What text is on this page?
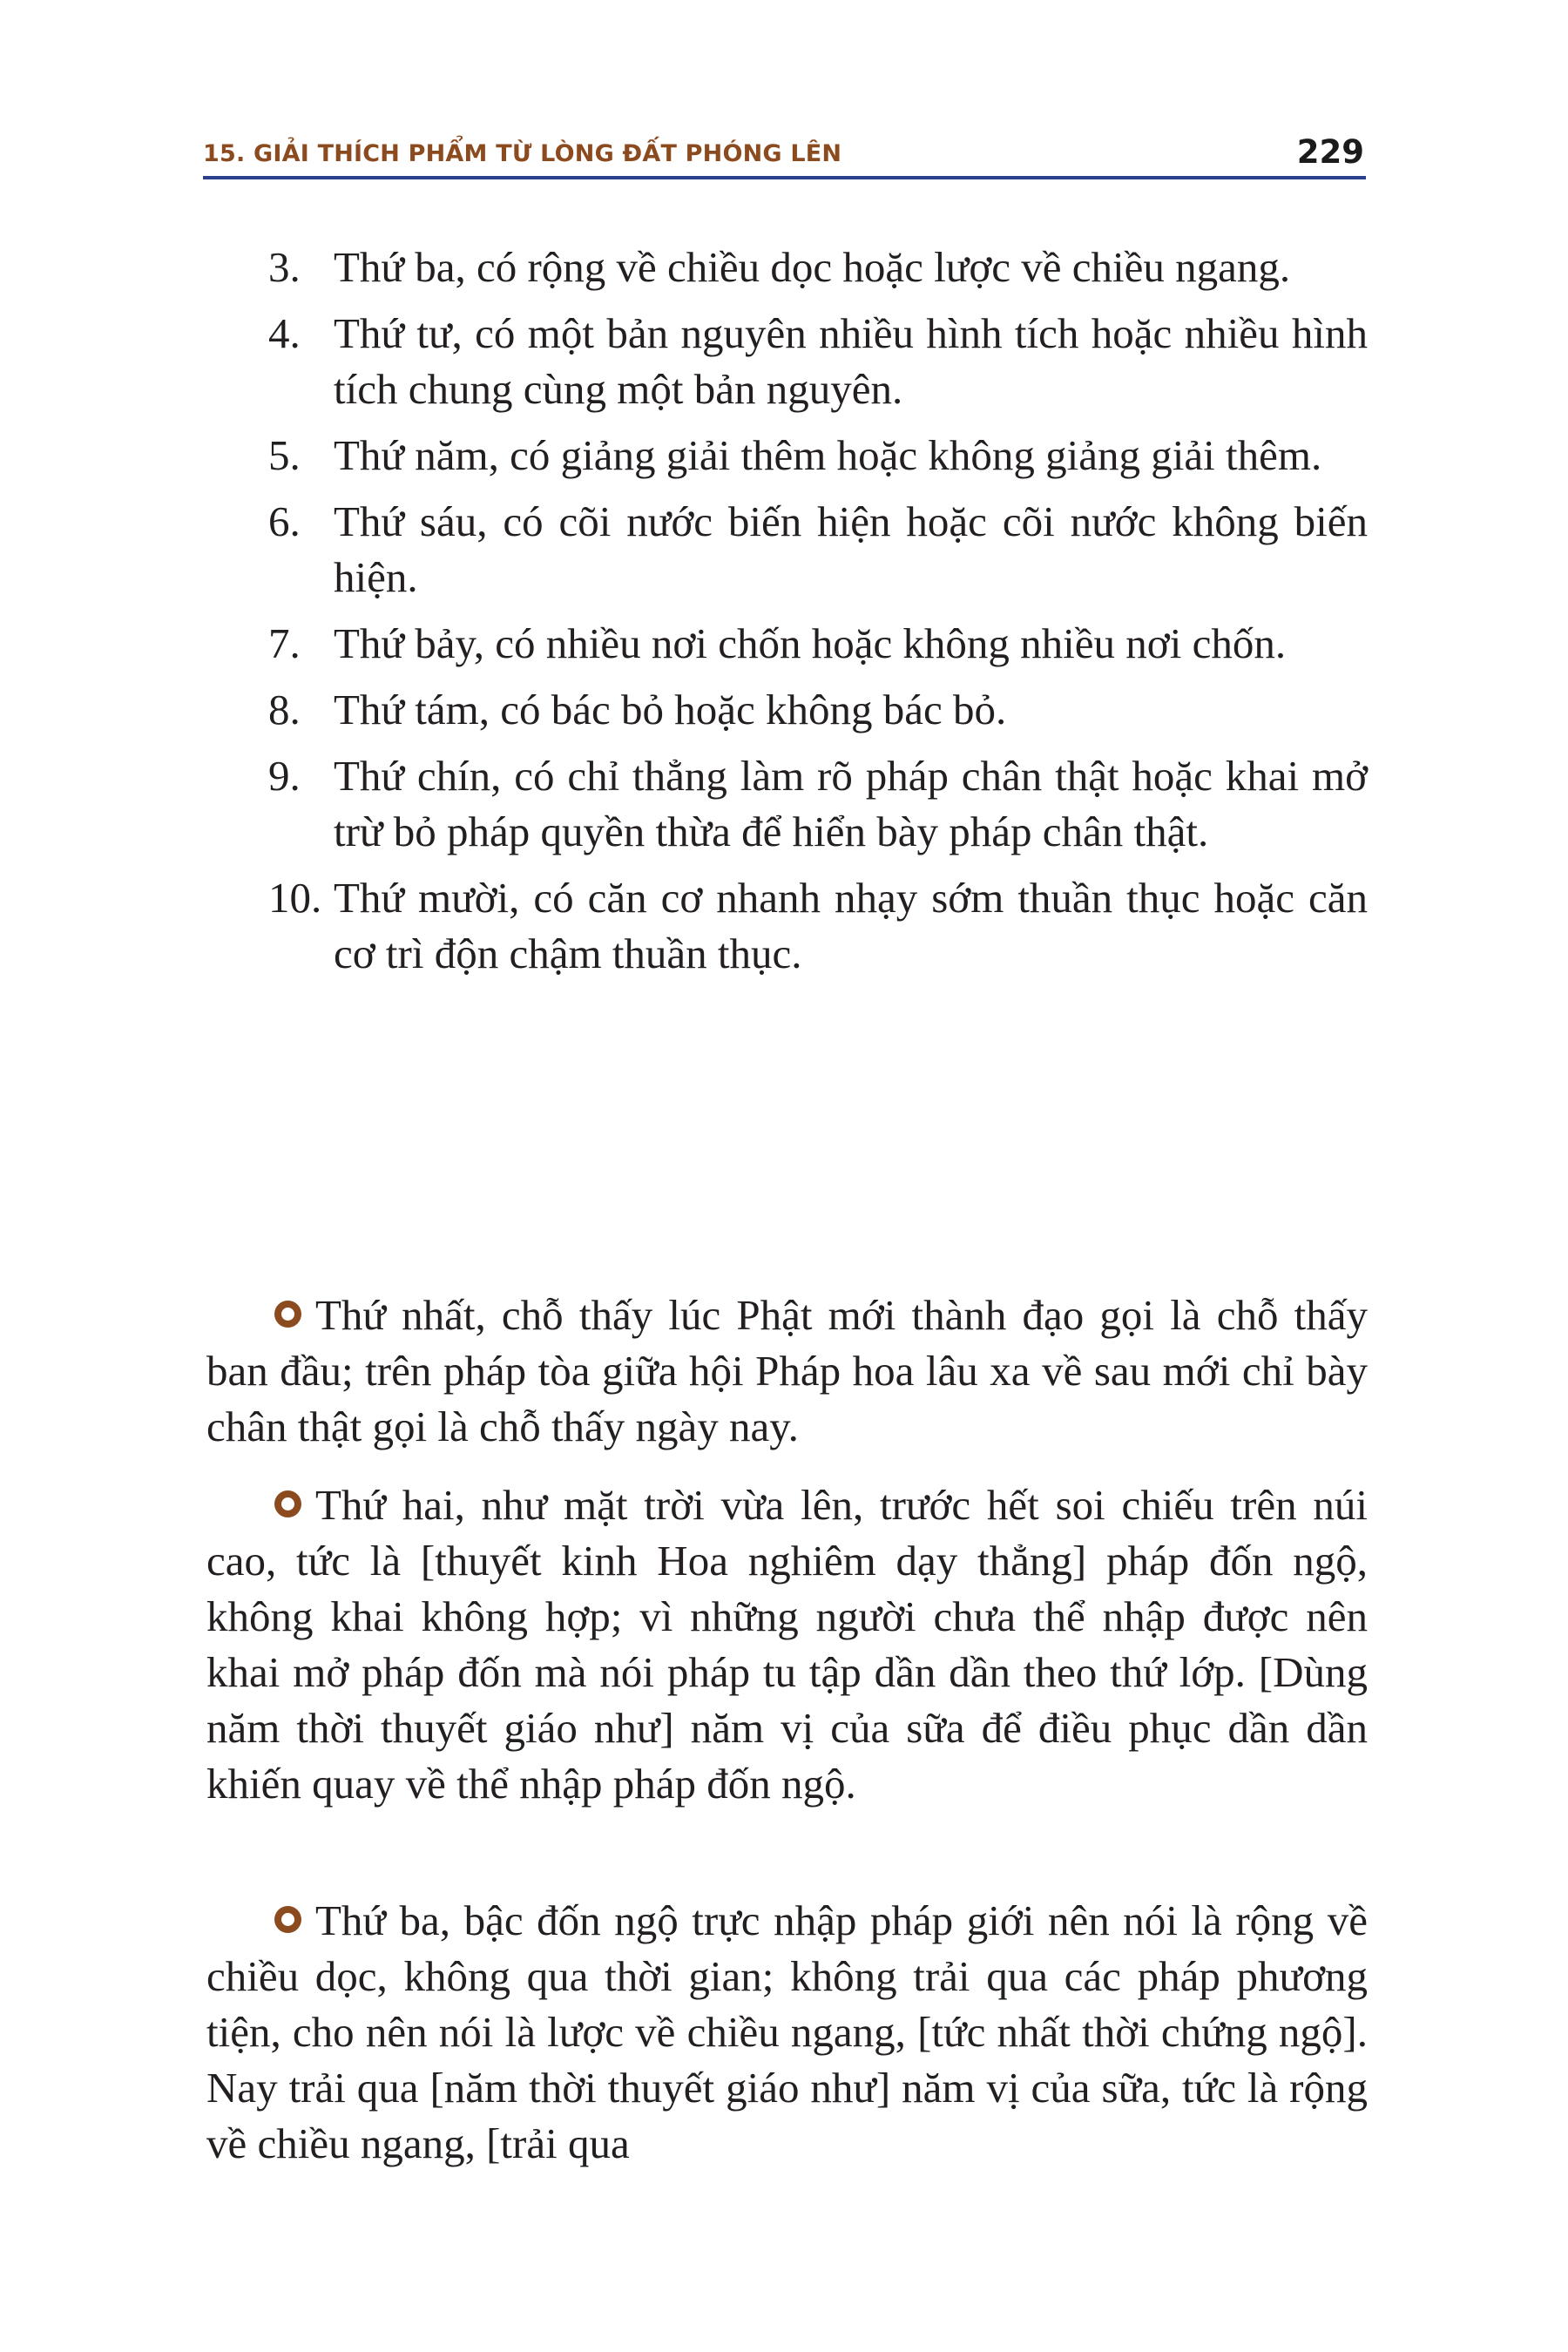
15. GIẢI THÍCH PHẨM TỪ LÒNG ĐẤT PHÓNG LÊN	229
3. Thứ ba, có rộng về chiều dọc hoặc lược về chiều ngang.
4. Thứ tư, có một bản nguyên nhiều hình tích hoặc nhiều hình tích chung cùng một bản nguyên.
5. Thứ năm, có giảng giải thêm hoặc không giảng giải thêm.
6. Thứ sáu, có cõi nước biến hiện hoặc cõi nước không biến hiện.
7. Thứ bảy, có nhiều nơi chốn hoặc không nhiều nơi chốn.
8. Thứ tám, có bác bỏ hoặc không bác bỏ.
9. Thứ chín, có chỉ thẳng làm rõ pháp chân thật hoặc khai mở trừ bỏ pháp quyền thừa để hiển bày pháp chân thật.
10. Thứ mười, có căn cơ nhanh nhạy sớm thuần thục hoặc căn cơ trì độn chậm thuần thục.

Thứ nhất, chỗ thấy lúc Phật mới thành đạo gọi là chỗ thấy ban đầu; trên pháp tòa giữa hội Pháp hoa lâu xa về sau mới chỉ bày chân thật gọi là chỗ thấy ngày nay.

Thứ hai, như mặt trời vừa lên, trước hết soi chiếu trên núi cao, tức là [thuyết kinh Hoa nghiêm dạy thẳng] pháp đốn ngộ, không khai không hợp; vì những người chưa thể nhập được nên khai mở pháp đốn mà nói pháp tu tập dần dần theo thứ lớp. [Dùng năm thời thuyết giáo như] năm vị của sữa để điều phục dần dần khiến quay về thể nhập pháp đốn ngộ.

Thứ ba, bậc đốn ngộ trực nhập pháp giới nên nói là rộng về chiều dọc, không qua thời gian; không trải qua các pháp phương tiện, cho nên nói là lược về chiều ngang, [tức nhất thời chứng ngộ]. Nay trải qua [năm thời thuyết giáo như] năm vị của sữa, tức là rộng về chiều ngang, [trải qua
